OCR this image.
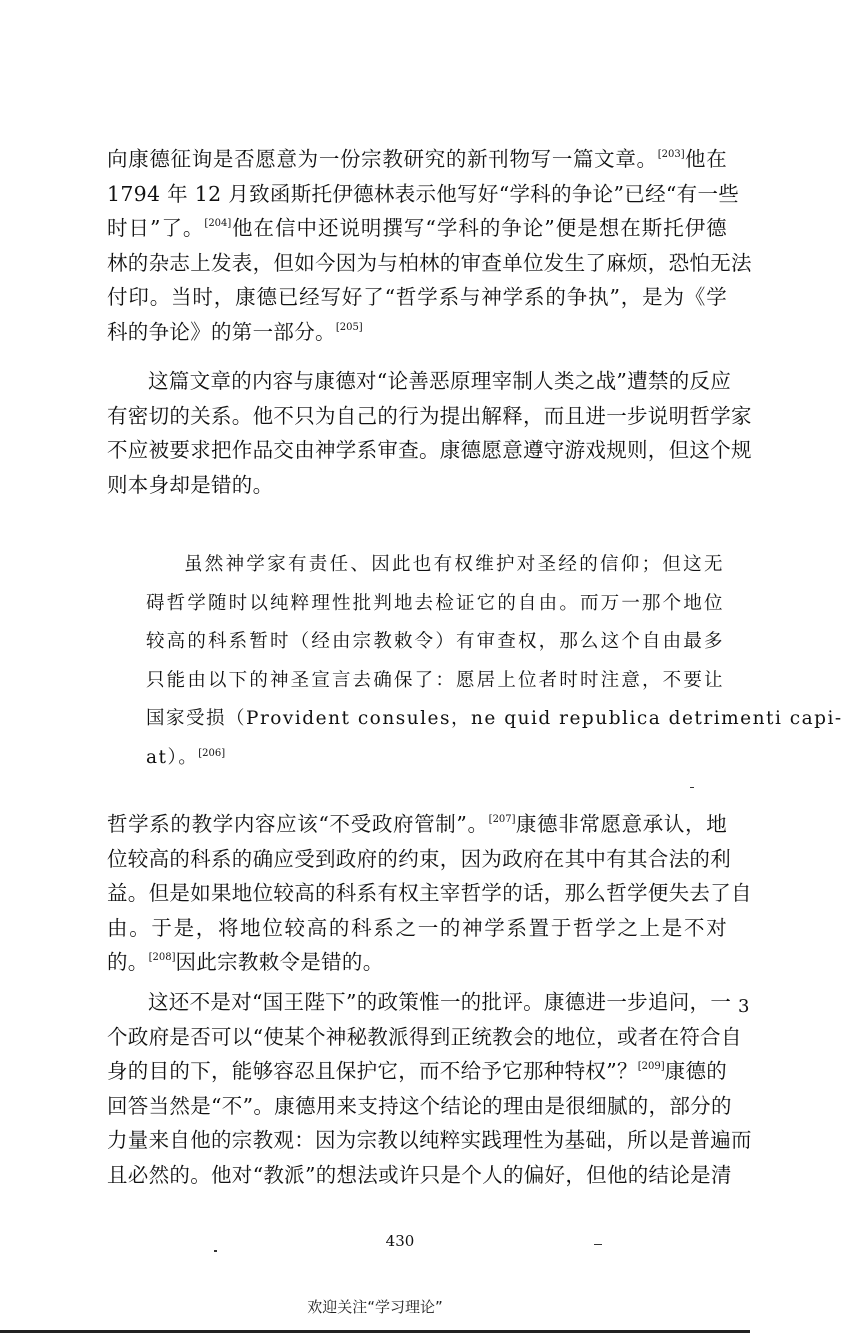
向康德征询是否愿意为一份宗教研究的新刊物写一篇文章。[203]他在
1794 年 12 月致函斯托伊德林表示他写好“学科的争论”已经“有一些
时日”了。[204]他在信中还说明撰写“学科的争论”便是想在斯托伊德
林的杂志上发表，但如今因为与柏林的审查单位发生了麻烦，恐怕无法
付印。当时，康德已经写好了“哲学系与神学系的争执”，是为《学
科的争论》的第一部分。[205]
这篇文章的内容与康德对“论善恶原理宰制人类之战”遭禁的反应
有密切的关系。他不只为自己的行为提出解释，而且进一步说明哲学家
不应被要求把作品交由神学系审查。康德愿意遵守游戏规则，但这个规
则本身却是错的。
虽然神学家有责任、因此也有权维护对圣经的信仰；但这无
碍哲学随时以纯粹理性批判地去检证它的自由。而万一那个地位
较高的科系暂时（经由宗教敕令）有审查权，那么这个自由最多
只能由以下的神圣宣言去确保了：愿居上位者时时注意，不要让
国家受损（Provident consules，ne quid republica detrimenti capi-
at）。[206]
哲学系的教学内容应该“不受政府管制”。[207]康德非常愿意承认，地
位较高的科系的确应受到政府的约束，因为政府在其中有其合法的利
益。但是如果地位较高的科系有权主宰哲学的话，那么哲学便失去了自
由。于是，将地位较高的科系之一的神学系置于哲学之上是不对
的。[208]因此宗教敕令是错的。
这还不是对“国王陛下”的政策惟一的批评。康德进一步追问，一
个政府是否可以“使某个神秘教派得到正统教会的地位，或者在符合自
身的目的下，能够容忍且保护它，而不给予它那种特权”？[209]康德的
回答当然是“不”。康德用来支持这个结论的理由是很细腻的，部分的
力量来自他的宗教观：因为宗教以纯粹实践理性为基础，所以是普遍而
且必然的。他对“教派”的想法或许只是个人的偏好，但他的结论是清
3
430
欢迎关注“学习理论”
